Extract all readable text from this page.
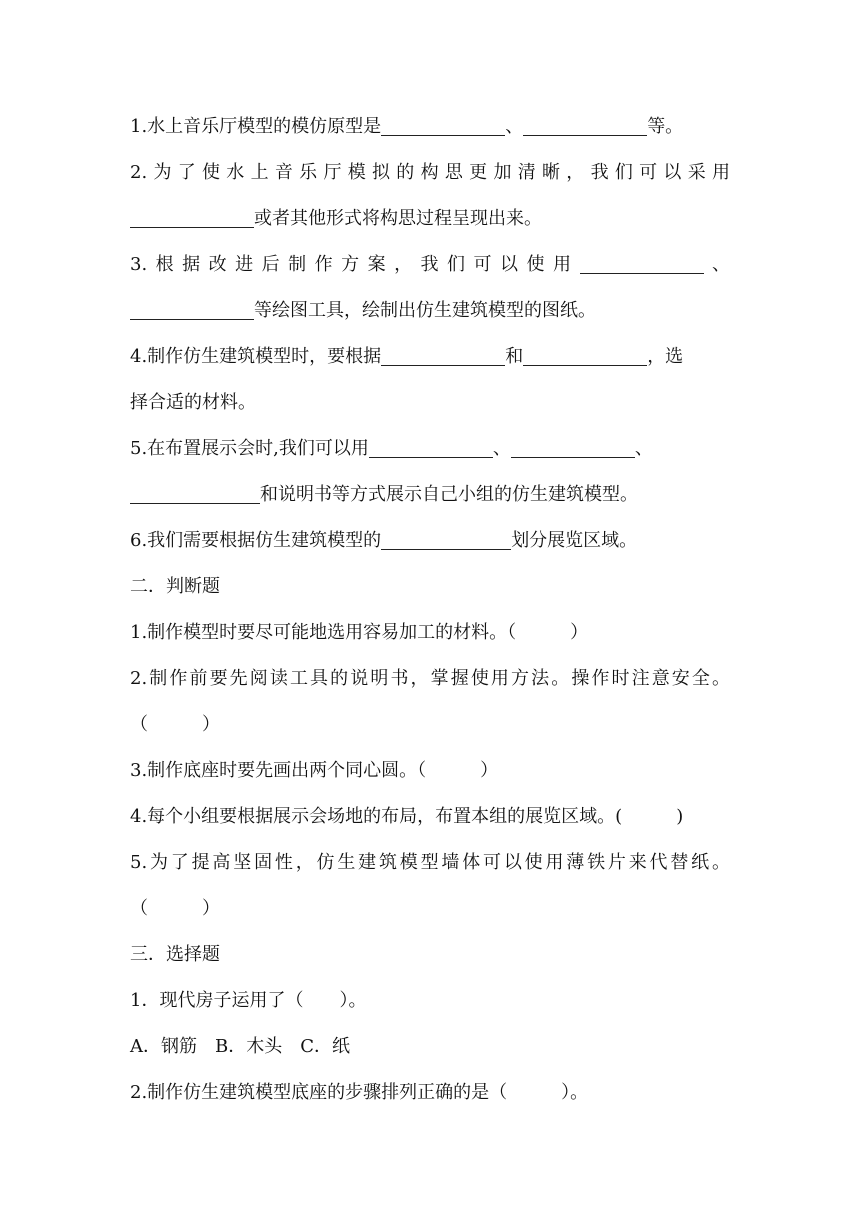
1.水上音乐厅模型的模仿原型是	、	等。
2.为了使水上音乐厅模拟的构思更加清晰，我们可以采用
或者其他形式将构思过程呈现出来。
3.根据改进后制作方案，我们可以使用	、
等绘图工具，绘制出仿生建筑模型的图纸。
4.制作仿生建筑模型时，要根据	和	，选
择合适的材料。
5.在布置展示会时,我们可以用	、	、
和说明书等方式展示自己小组的仿生建筑模型。
6.我们需要根据仿生建筑模型的	划分展览区域。
二．判断题
1.制作模型时要尽可能地选用容易加工的材料。（　　　）
2.制作前要先阅读工具的说明书，掌握使用方法。操作时注意安全。
（　　　）
3.制作底座时要先画出两个同心圆。（　　　）
4.每个小组要根据展示会场地的布局，布置本组的展览区域。(　　　)
5.为了提高坚固性，仿生建筑模型墙体可以使用薄铁片来代替纸。
（　　　）
三．选择题
1．现代房子运用了（　　）。
A．钢筋　B．木头　C．纸
2.制作仿生建筑模型底座的步骤排列正确的是（　　　）。
